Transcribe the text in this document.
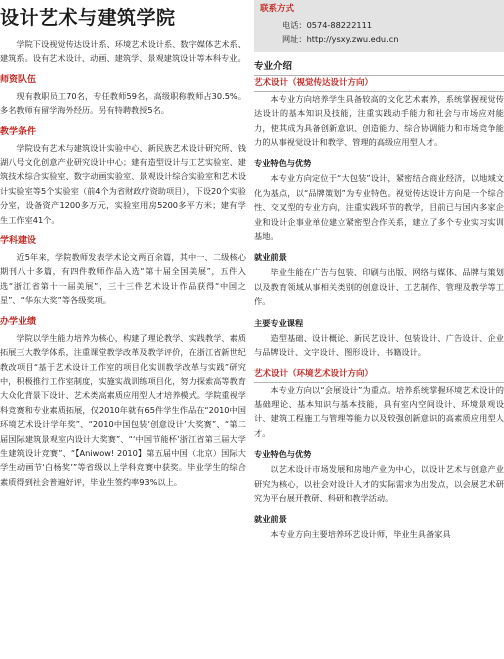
设计艺术与建筑学院

学院下设视觉传达设计系、环境艺术设计系、数字媒体艺术系、建筑系。设有艺术设计、动画、建筑学、景观建筑设计等本科专业。

师资队伍

现有教职员工70名，专任教师59名，高级职称教师占30.5%。多名教师有留学海外经历。另有特聘教授5名。

教学条件

学院设有艺术与建筑设计实验中心、新民族艺术设计研究所、钱湖八号文化创意产业研究设计中心；建有造型设计与工艺实验室、建筑技术综合实验室、数字动画实验室、景观设计综合实验室和艺术设计实验室等5个实验室（前4个为省财政疗资助项目），下设20个实验分室，设备资产1200多万元，实验室用房5200多平方米；建有学生工作室41个。

学科建设

近5年来，学院教师发表学术论文两百余篇，其中一、二级核心期刊八十多篇，有四件教师作品入选“第十届全国美展”，五件入选“浙江省第十一届美展”，三十三件艺术设计作品获得“中国之星”、“华东大奖”等各级奖项。

办学业绩

学院以学生能力培养为核心，构建了理论教学、实践教学、素质拓展三大教学体系，注重课堂教学改革及教学评价，在浙江省新世纪教改项目“基于艺术设计工作室的项目化实训教学改革与实践”研究中，积极推行工作室制度，实施实战训练项目化，努力探索高等教育大众化背景下设计、艺术类高素质应用型人才培养模式。学院重视学科竞赛和专业素质拓展，仅2010年就有65件学生作品在“2010中国环境艺术设计学年奖”、“2010中国包装‘创意设计’大奖赛”、“第二届国际建筑景观室内设计大奖赛”、“‘中国节能杯’浙江省第三届大学生建筑设计竞赛”、“【Aniwow! 2010】第五届中国（北京）国际大学生动画节‘白杨奖’”等省级以上学科竞赛中获奖。毕业学生的综合素质得到社会普遍好评，毕业生签约率93%以上。

联系方式
电话：0574-88222111
网址：http://ysxy.zwu.edu.cn
专业介绍
艺术设计（视觉传达设计方向）

本专业方向培养学生具备较高的文化艺术素养，系统掌握视觉传达设计的基本知识及技能，注重实践动手能力和社会与市场应对能力，使其成为具备创新意识、创造能力、综合协调能力和市场竞争能力的从事视觉设计和教学、管理的高级应用型人才。

专业特色与优势

本专业方向定位于“大包装”设计，紧密结合商业经济，以地域文化为基点，以“品牌策划”为专业特色。视觉传达设计方向是一个综合性、交叉型的专业方向，注重实践环节的教学，目前已与国内多家企业和设计企事业单位建立紧密型合作关系，建立了多个专业实习实训基地。

就业前景

毕业生能在广告与包装、印刷与出版、网络与媒体、品牌与策划以及教育领域从事相关类别的创意设计、工艺制作、管理及教学等工作。

主要专业课程

造型基础、设计概论、新民艺设计、包装设计、广告设计、企业与品牌设计、文字设计、图形设计、书籍设计。

艺术设计（环境艺术设计方向）

本专业方向以“会展设计”为重点。培养系统掌握环境艺术设计的基础理论、基本知识与基本技能，具有室内空间设计、环境景观设计、建筑工程施工与管理等能力以及较强创新意识的高素质应用型人才。

专业特色与优势

以艺术设计市场发展和房地产业为中心，以设计艺术与创意产业研究为核心，以社会对设计人才的实际需求为出发点，以会展艺术研究为平台展开教研、科研和教学活动。

就业前景

本专业方向主要培养环艺设计师，毕业生具备家具
